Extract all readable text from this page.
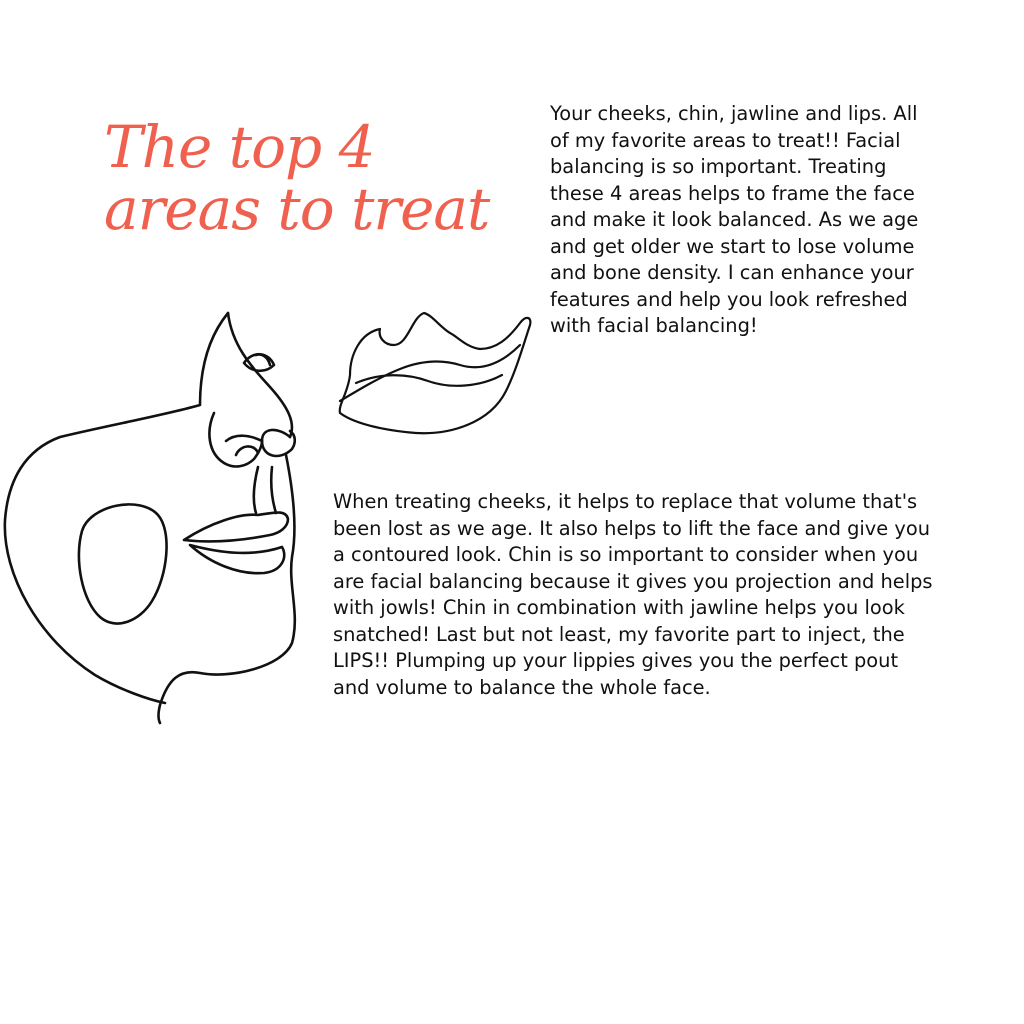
The top 4
areas to treat

Your cheeks, chin, jawline and lips. All of my favorite areas to treat!! Facial balancing is so important. Treating these 4 areas helps to frame the face and make it look balanced. As we age and get older we start to lose volume and bone density. I can enhance your features and help you look refreshed with facial balancing!

When treating cheeks, it helps to replace that volume that's been lost as we age. It also helps to lift the face and give you a contoured look. Chin is so important to consider when you are facial balancing because it gives you projection and helps with jowls! Chin in combination with jawline helps you look snatched! Last but not least, my favorite part to inject, the LIPS!! Plumping up your lippies gives you the perfect pout and volume to balance the whole face.
